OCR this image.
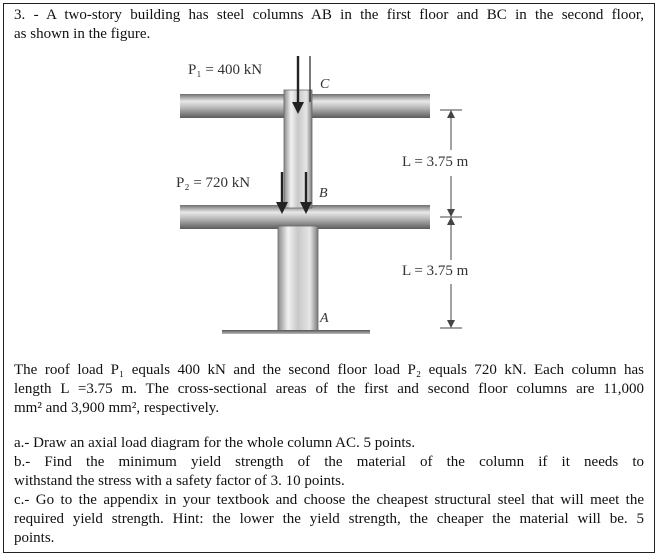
3. - A two-story building has steel columns AB in the first floor and BC in the second floor,
as shown in the figure.
P₁ = 400 kN
P₂ = 720 kN
C
B
A
L = 3.75 m
L = 3.75 m
The roof load P₁ equals 400 kN and the second floor load P₂ equals 720 kN. Each column has
length L =3.75 m. The cross-sectional areas of the first and second floor columns are 11,000
mm² and 3,900 mm², respectively.
a.- Draw an axial load diagram for the whole column AC. 5 points.
b.- Find the minimum yield strength of the material of the column if it needs to
withstand the stress with a safety factor of 3. 10 points.
c.- Go to the appendix in your textbook and choose the cheapest structural steel that will meet the
required yield strength. Hint: the lower the yield strength, the cheaper the material will be. 5
points.
